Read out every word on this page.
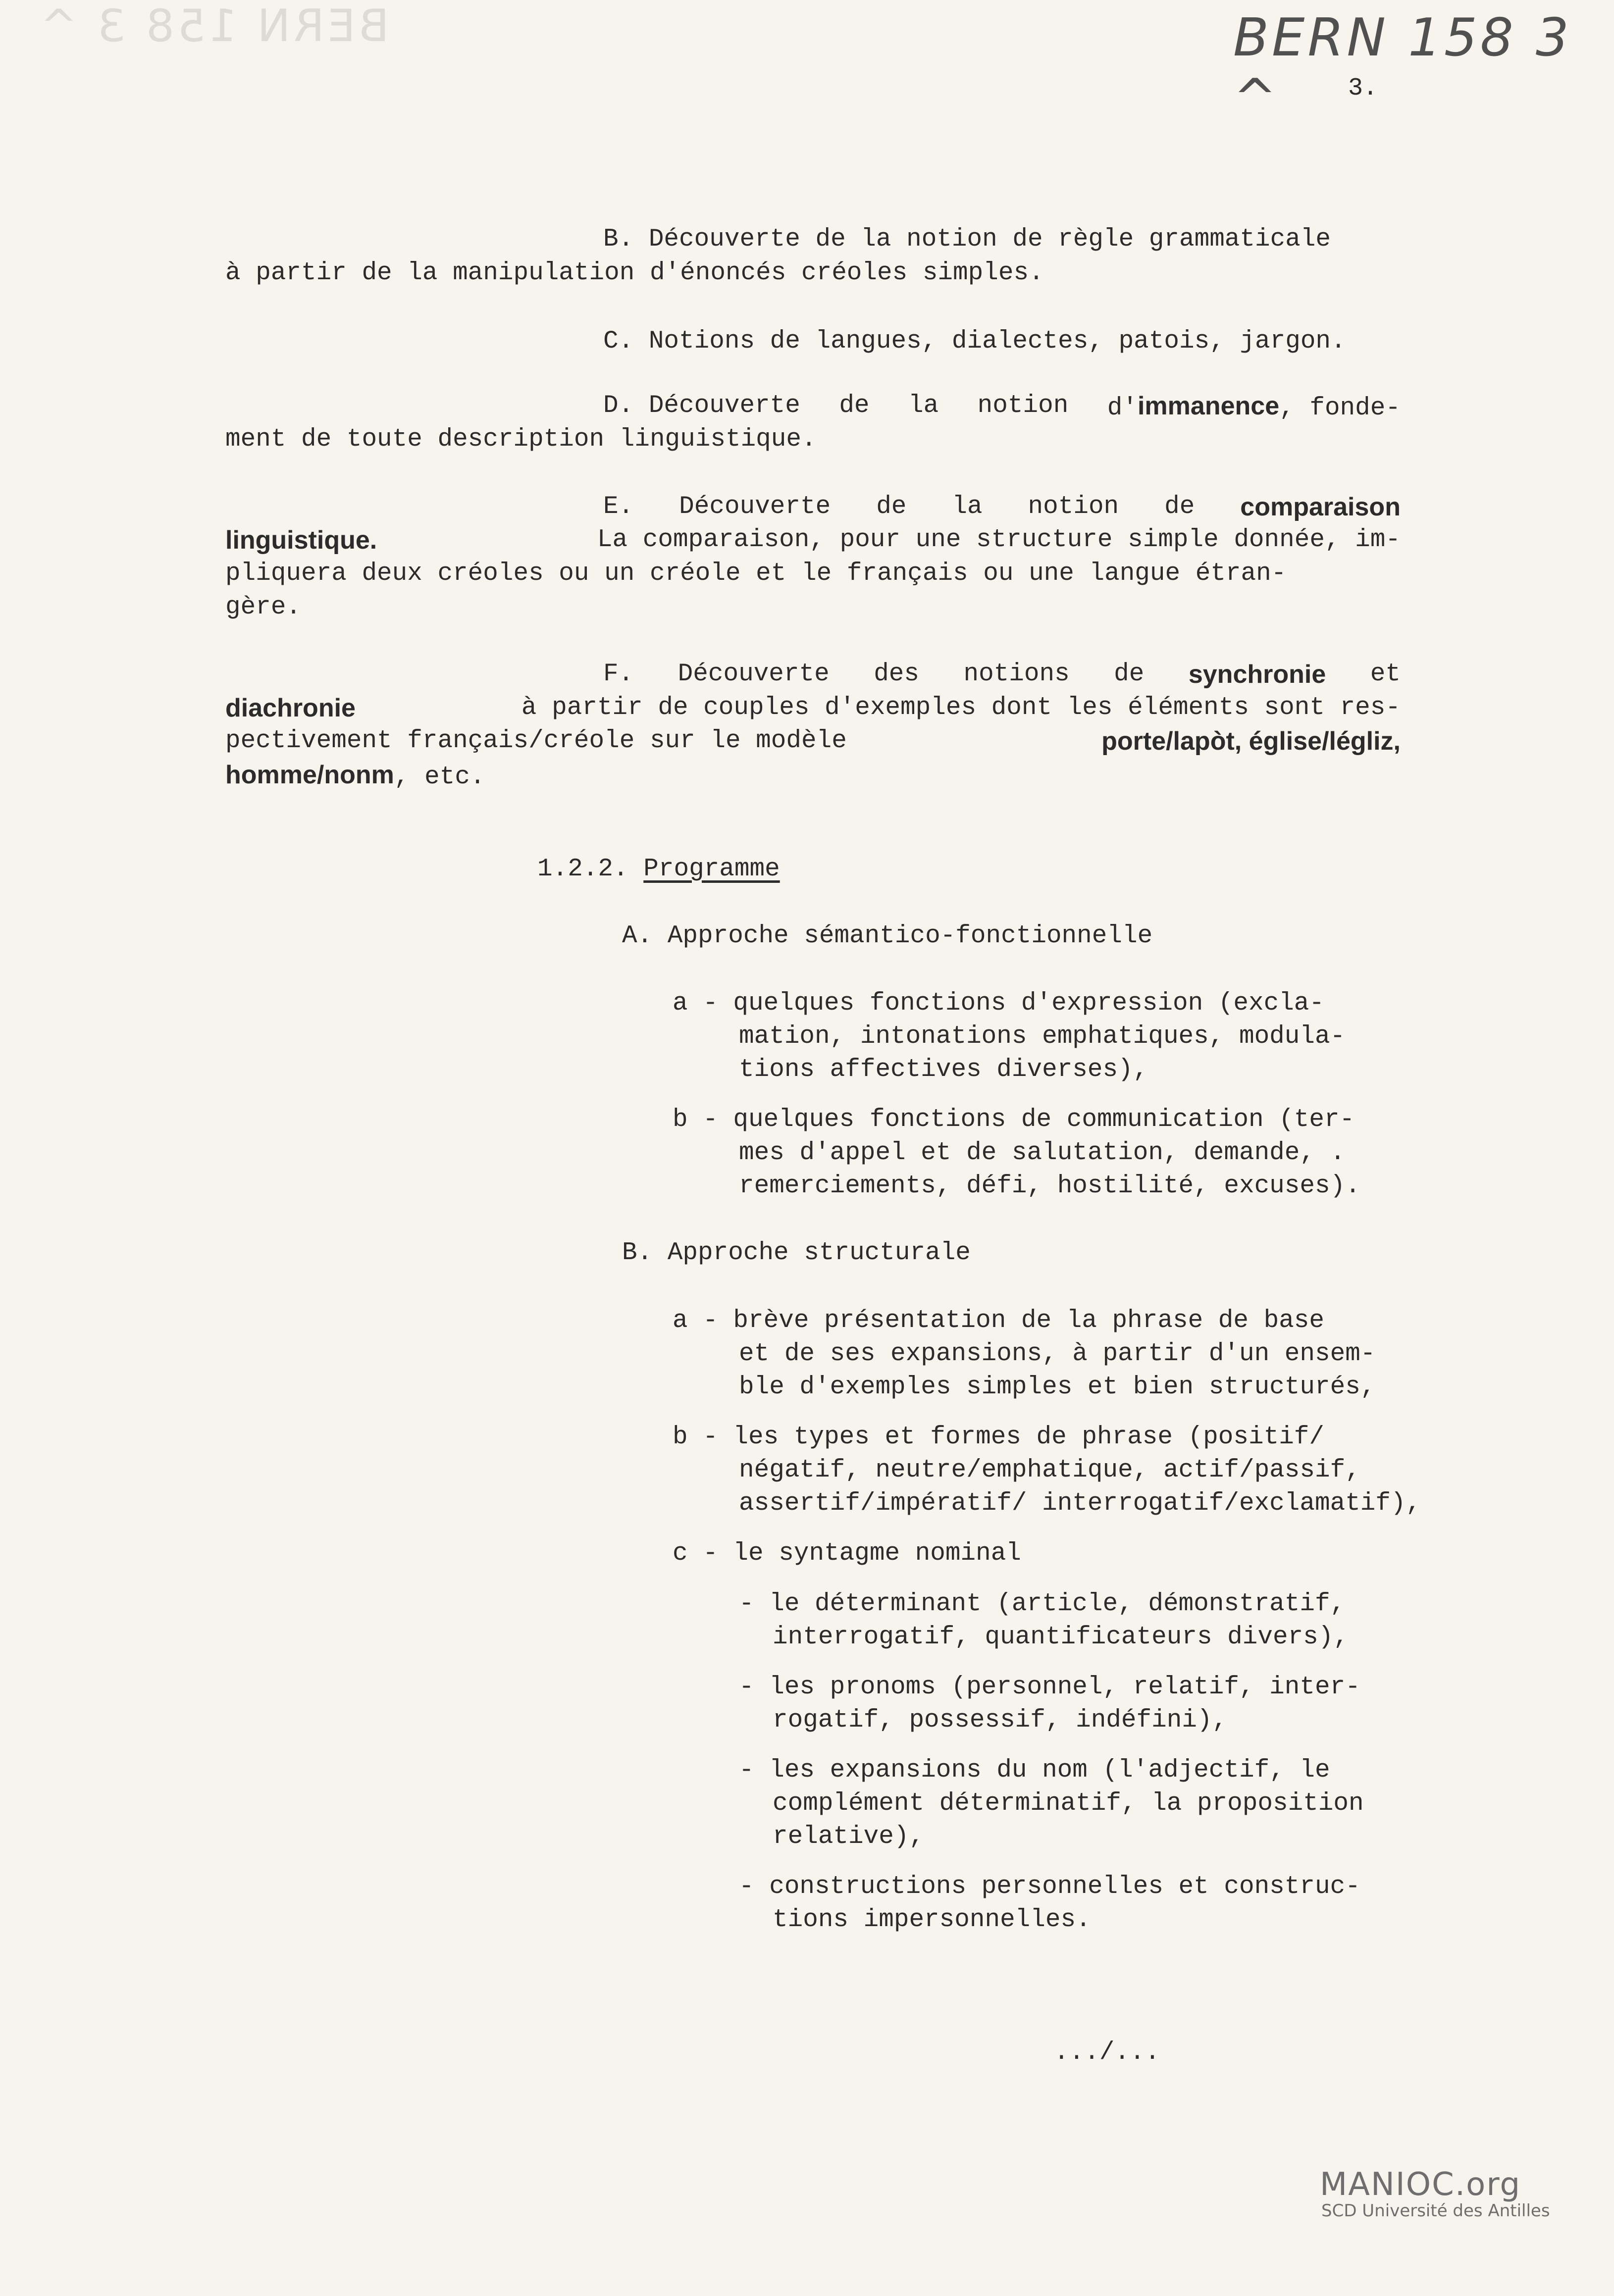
BERN 158 3 ^	BERN 158 3 ^	3.
B. Découverte de la notion de règle grammaticale
à partir de la manipulation d'énoncés créoles simples.
C. Notions de langues, dialectes, patois, jargon.
D. Découverte de la notion d'immanence, fonde-
ment de toute description linguistique.
E. Découverte de la notion de comparaison
linguistique.	La comparaison, pour une structure simple donnée, im-
pliquera deux créoles ou un créole et le français ou une langue étran-
gère.
F. Découverte des notions de synchronie et
diachronie	à partir de couples d'exemples dont les éléments sont res-
pectivement français/créole sur le modèle	porte/lapòt, église/légliz,
homme/nonm, etc.
1.2.2. Programme
A. Approche sémantico-fonctionnelle
a - quelques fonctions d'expression (excla-
mation, intonations emphatiques, modula-
tions affectives diverses),
b - quelques fonctions de communication (ter-
mes d'appel et de salutation, demande, .
remerciements, défi, hostilité, excuses).
B. Approche structurale
a - brève présentation de la phrase de base
et de ses expansions, à partir d'un ensem-
ble d'exemples simples et bien structurés,
b - les types et formes de phrase (positif/
négatif, neutre/emphatique, actif/passif,
assertif/impératif/ interrogatif/exclamatif),
c - le syntagme nominal
- le déterminant (article, démonstratif,
interrogatif, quantificateurs divers),
- les pronoms (personnel, relatif, inter-
rogatif, possessif, indéfini),
- les expansions du nom (l'adjectif, le
complément déterminatif, la proposition
relative),
- constructions personnelles et construc-
tions impersonnelles.
.../...
MANIOC.org
SCD Université des Antilles
